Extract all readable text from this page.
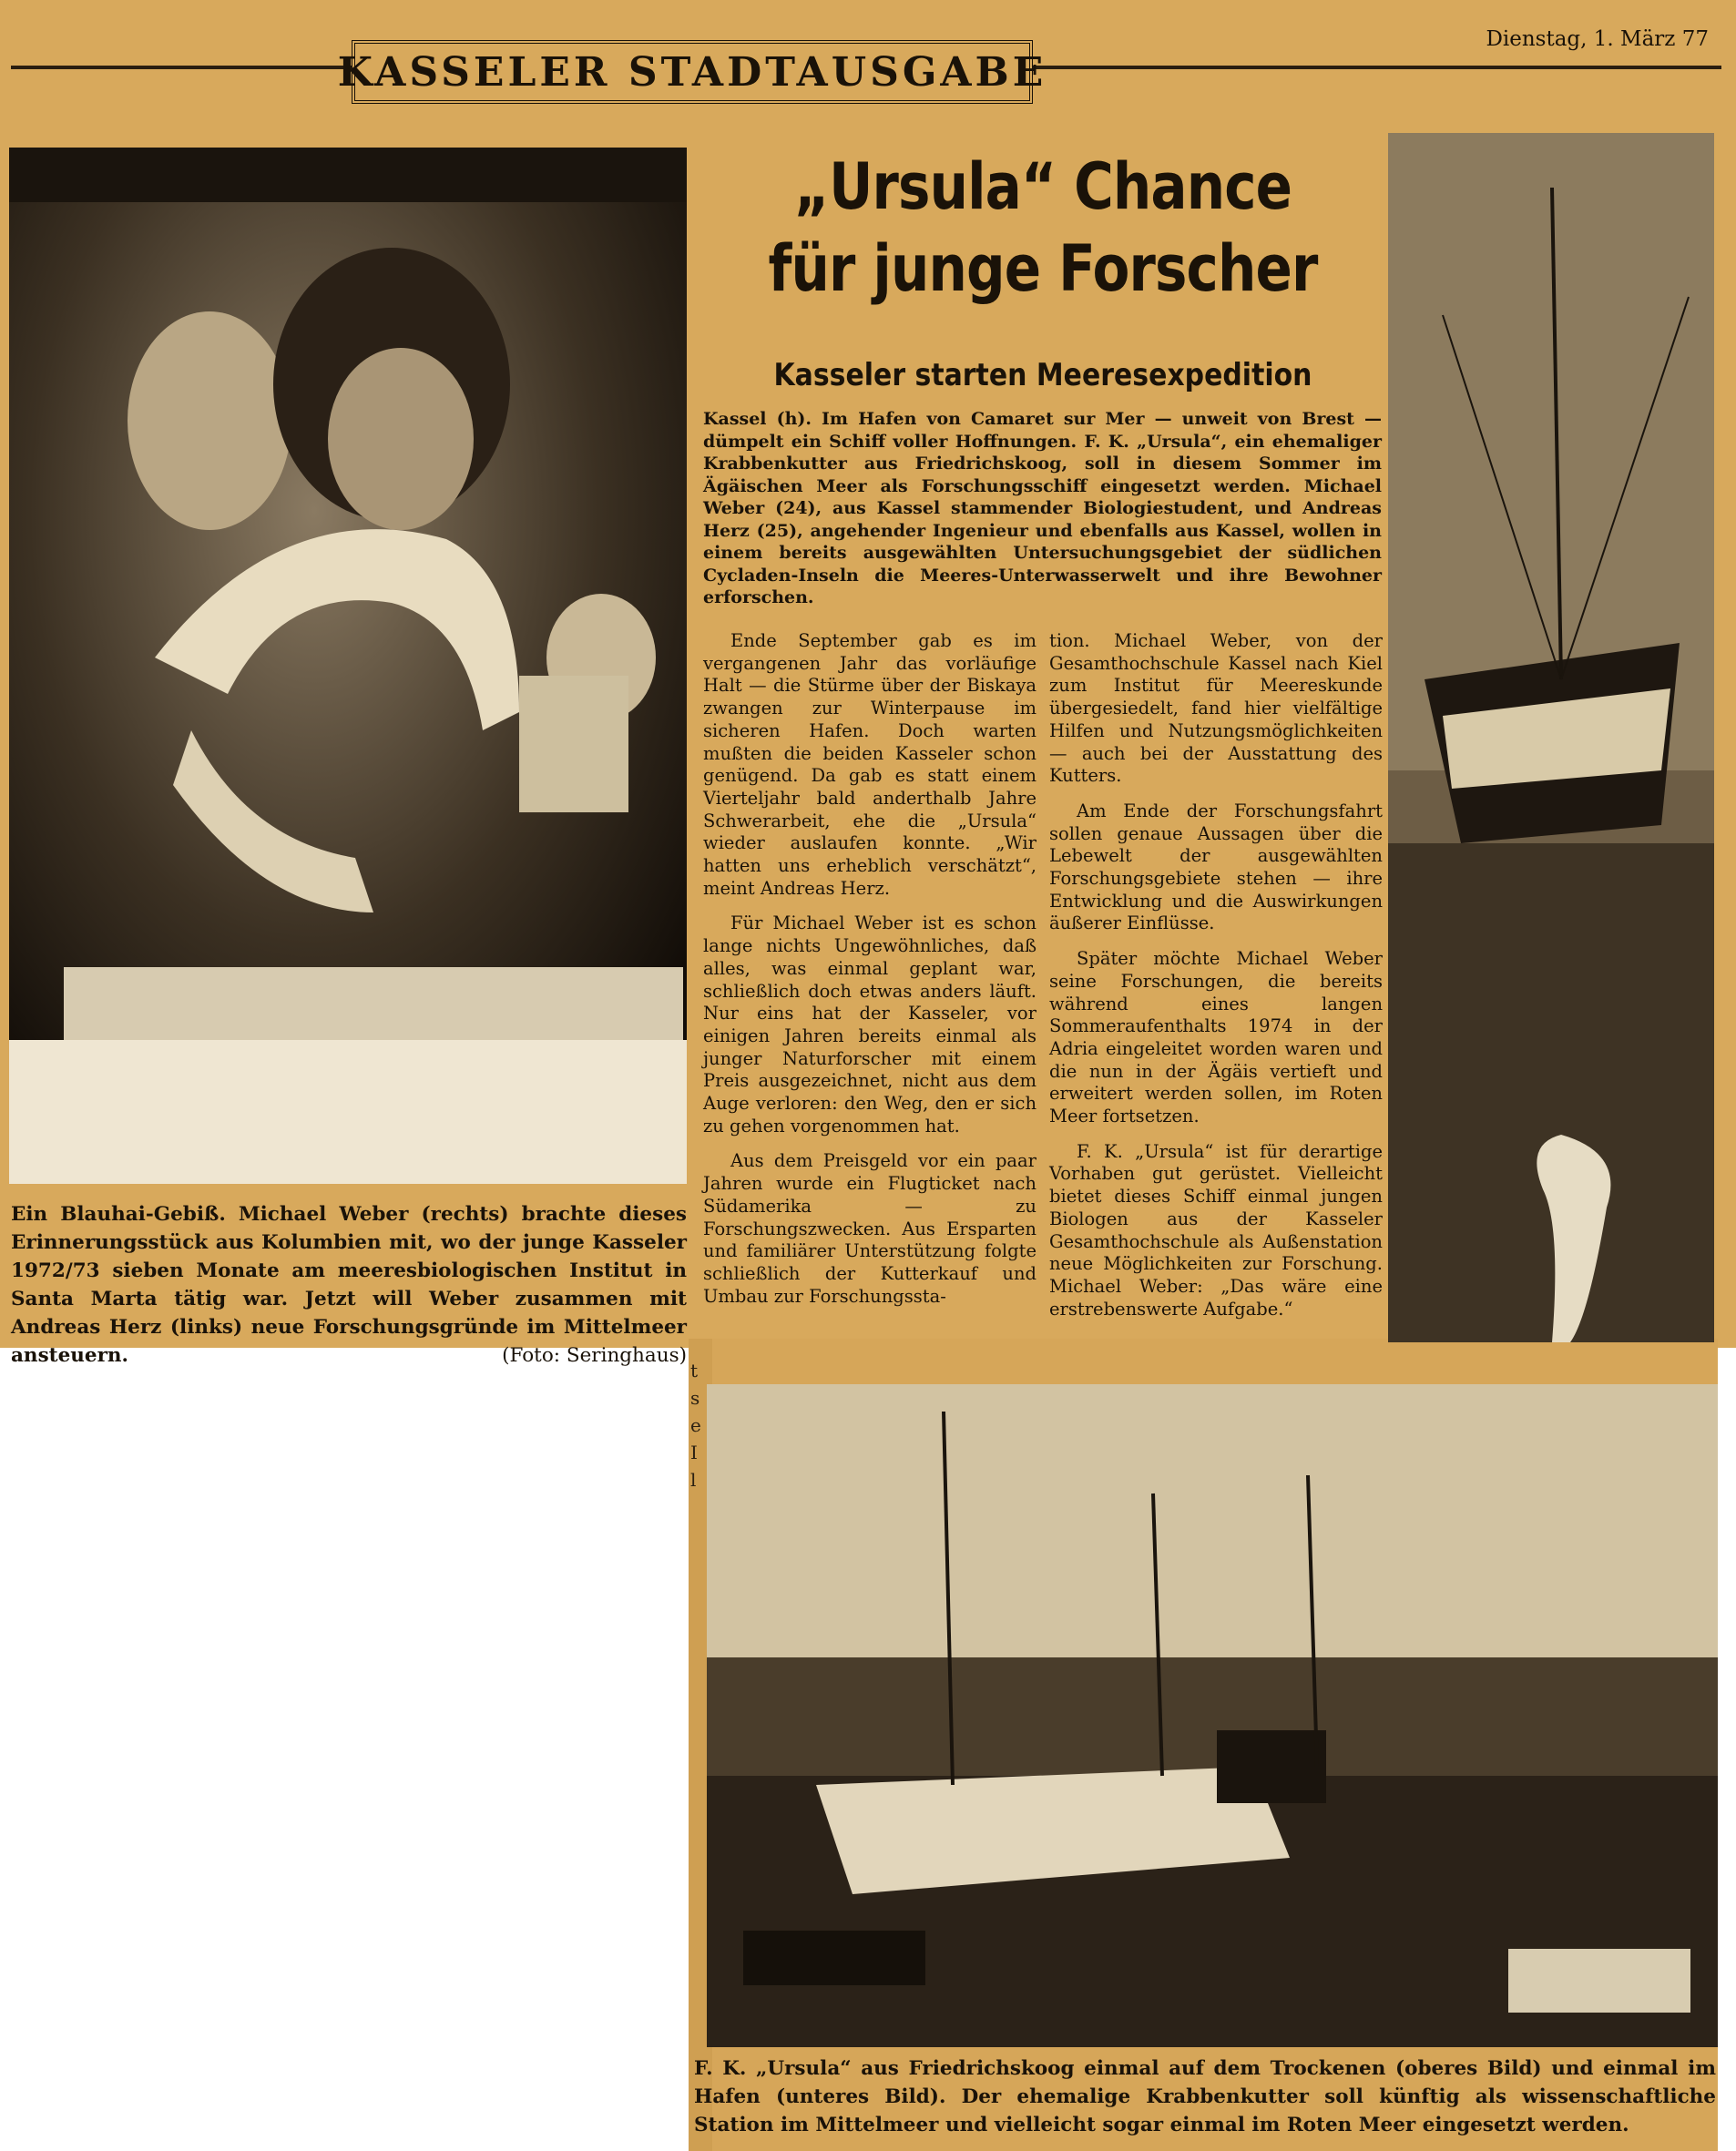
KASSELER STADTAUSGABE
Dienstag, 1. März 77
„Ursula“ Chance
für junge Forscher
Kasseler starten Meeresexpedition
Kassel (h). Im Hafen von Camaret sur Mer — unweit von Brest — dümpelt ein Schiff voller Hoffnungen. F. K. „Ursula“, ein ehemaliger Krabbenkutter aus Friedrichskoog, soll in diesem Sommer im Ägäischen Meer als Forschungsschiff eingesetzt werden. Michael Weber (24), aus Kassel stammender Biologiestudent, und Andreas Herz (25), angehender Ingenieur und ebenfalls aus Kassel, wollen in einem bereits ausgewählten Untersuchungsgebiet der südlichen Cycladen-Inseln die Meeres-Unterwasserwelt und ihre Bewohner erforschen.

Ende September gab es im vergangenen Jahr das vorläufige Halt — die Stürme über der Biskaya zwangen zur Winterpause im sicheren Hafen. Doch warten mußten die beiden Kasseler schon genügend. Da gab es statt einem Vierteljahr bald anderthalb Jahre Schwerarbeit, ehe die „Ursula“ wieder auslaufen konnte. „Wir hatten uns erheblich verschätzt“, meint Andreas Herz.

Für Michael Weber ist es schon lange nichts Ungewöhnliches, daß alles, was einmal geplant war, schließlich doch etwas anders läuft. Nur eins hat der Kasseler, vor einigen Jahren bereits einmal als junger Naturforscher mit einem Preis ausgezeichnet, nicht aus dem Auge verloren: den Weg, den er sich zu gehen vorgenommen hat.

Aus dem Preisgeld vor ein paar Jahren wurde ein Flugticket nach Südamerika — zu Forschungszwecken. Aus Ersparten und familiärer Unterstützung folgte schließlich der Kutterkauf und Umbau zur Forschungssta-

tion. Michael Weber, von der Gesamthochschule Kassel nach Kiel zum Institut für Meereskunde übergesiedelt, fand hier vielfältige Hilfen und Nutzungsmöglichkeiten — auch bei der Ausstattung des Kutters.

Am Ende der Forschungsfahrt sollen genaue Aussagen über die Lebewelt der ausgewählten Forschungsgebiete stehen — ihre Entwicklung und die Auswirkungen äußerer Einflüsse.

Später möchte Michael Weber seine Forschungen, die bereits während eines langen Sommeraufenthalts 1974 in der Adria eingeleitet worden waren und die nun in der Ägäis vertieft und erweitert werden sollen, im Roten Meer fortsetzen.

F. K. „Ursula“ ist für derartige Vorhaben gut gerüstet. Vielleicht bietet dieses Schiff einmal jungen Biologen aus der Kasseler Gesamthochschule als Außenstation neue Möglichkeiten zur Forschung. Michael Weber: „Das wäre eine erstrebenswerte Aufgabe.“

Ein Blauhai-Gebiß. Michael Weber (rechts) brachte dieses Erinnerungsstück aus Kolumbien mit, wo der junge Kasseler 1972/73 sieben Monate am meeresbiologischen Institut in Santa Marta tätig war. Jetzt will Weber zusammen mit Andreas Herz (links) neue Forschungsgründe im Mittelmeer ansteuern.	(Foto: Seringhaus)
F. K. „Ursula“ aus Friedrichskoog einmal auf dem Trockenen (oberes Bild) und einmal im Hafen (unteres Bild). Der ehemalige Krabbenkutter soll künftig als wissenschaftliche Station im Mittelmeer und vielleicht sogar einmal im Roten Meer eingesetzt werden.
t
s
e
I
l
